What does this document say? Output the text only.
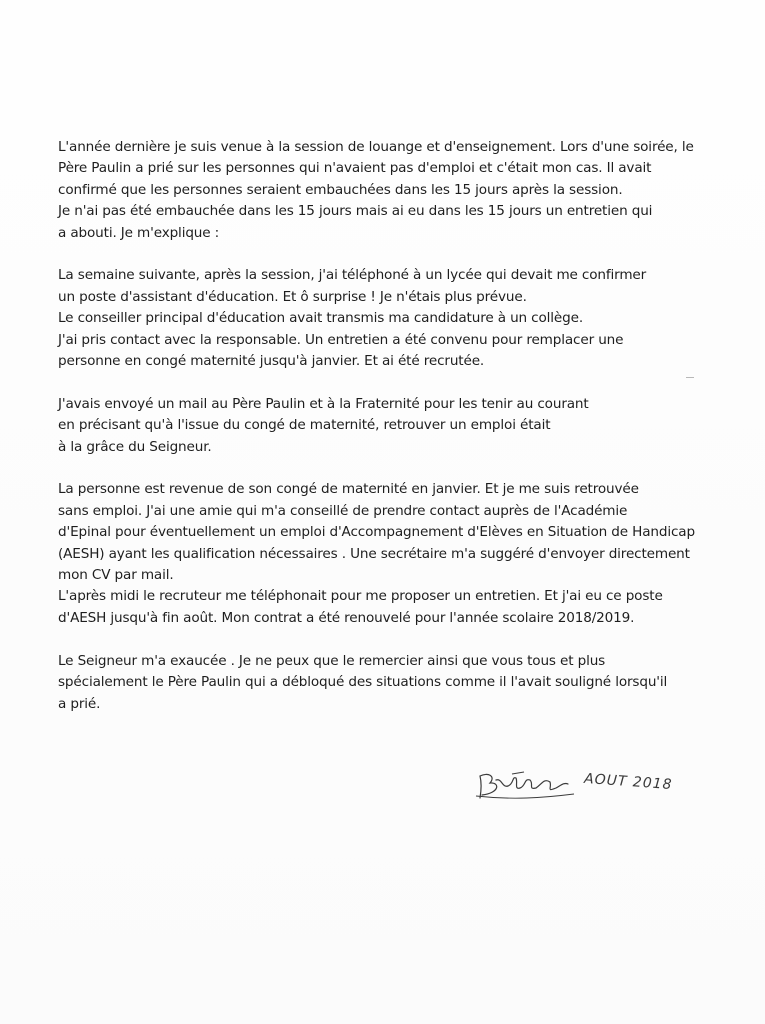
L'année dernière je suis venue à la session de louange et d'enseignement. Lors d'une soirée, le
Père Paulin a prié sur les personnes qui n'avaient pas d'emploi et c'était mon cas. Il avait
confirmé que les personnes seraient embauchées dans les 15 jours après la session.
Je n'ai pas été embauchée dans les 15 jours mais ai eu dans les 15 jours un entretien qui
a abouti. Je m'explique :
La semaine suivante, après la session, j'ai téléphoné à un lycée qui devait me confirmer
un poste d'assistant d'éducation. Et ô surprise ! Je n'étais plus prévue.
Le conseiller principal d'éducation avait transmis ma candidature à un collège.
J'ai pris contact avec la responsable. Un entretien a été convenu pour remplacer une
personne en congé maternité jusqu'à janvier. Et ai été recrutée.
J'avais envoyé un mail au Père Paulin et à la Fraternité pour les tenir au courant
en précisant qu'à l'issue du congé de maternité, retrouver un emploi était
à la grâce du Seigneur.
La personne est revenue de son congé de maternité en janvier. Et je me suis retrouvée
sans emploi. J'ai une amie qui m'a conseillé de prendre contact auprès de l'Académie
d'Epinal pour éventuellement un emploi d'Accompagnement d'Elèves en Situation de Handicap
(AESH) ayant les qualification nécessaires . Une secrétaire m'a suggéré d'envoyer directement
mon CV par mail.
L'après midi le recruteur me téléphonait pour me proposer un entretien. Et j'ai eu ce poste
d'AESH jusqu'à fin août. Mon contrat a été renouvelé pour l'année scolaire 2018/2019.
Le Seigneur m'a exaucée . Je ne peux que le remercier ainsi que vous tous et plus
spécialement le Père Paulin qui a débloqué des situations comme il l'avait souligné lorsqu'il
a prié.
AOUT 2018
